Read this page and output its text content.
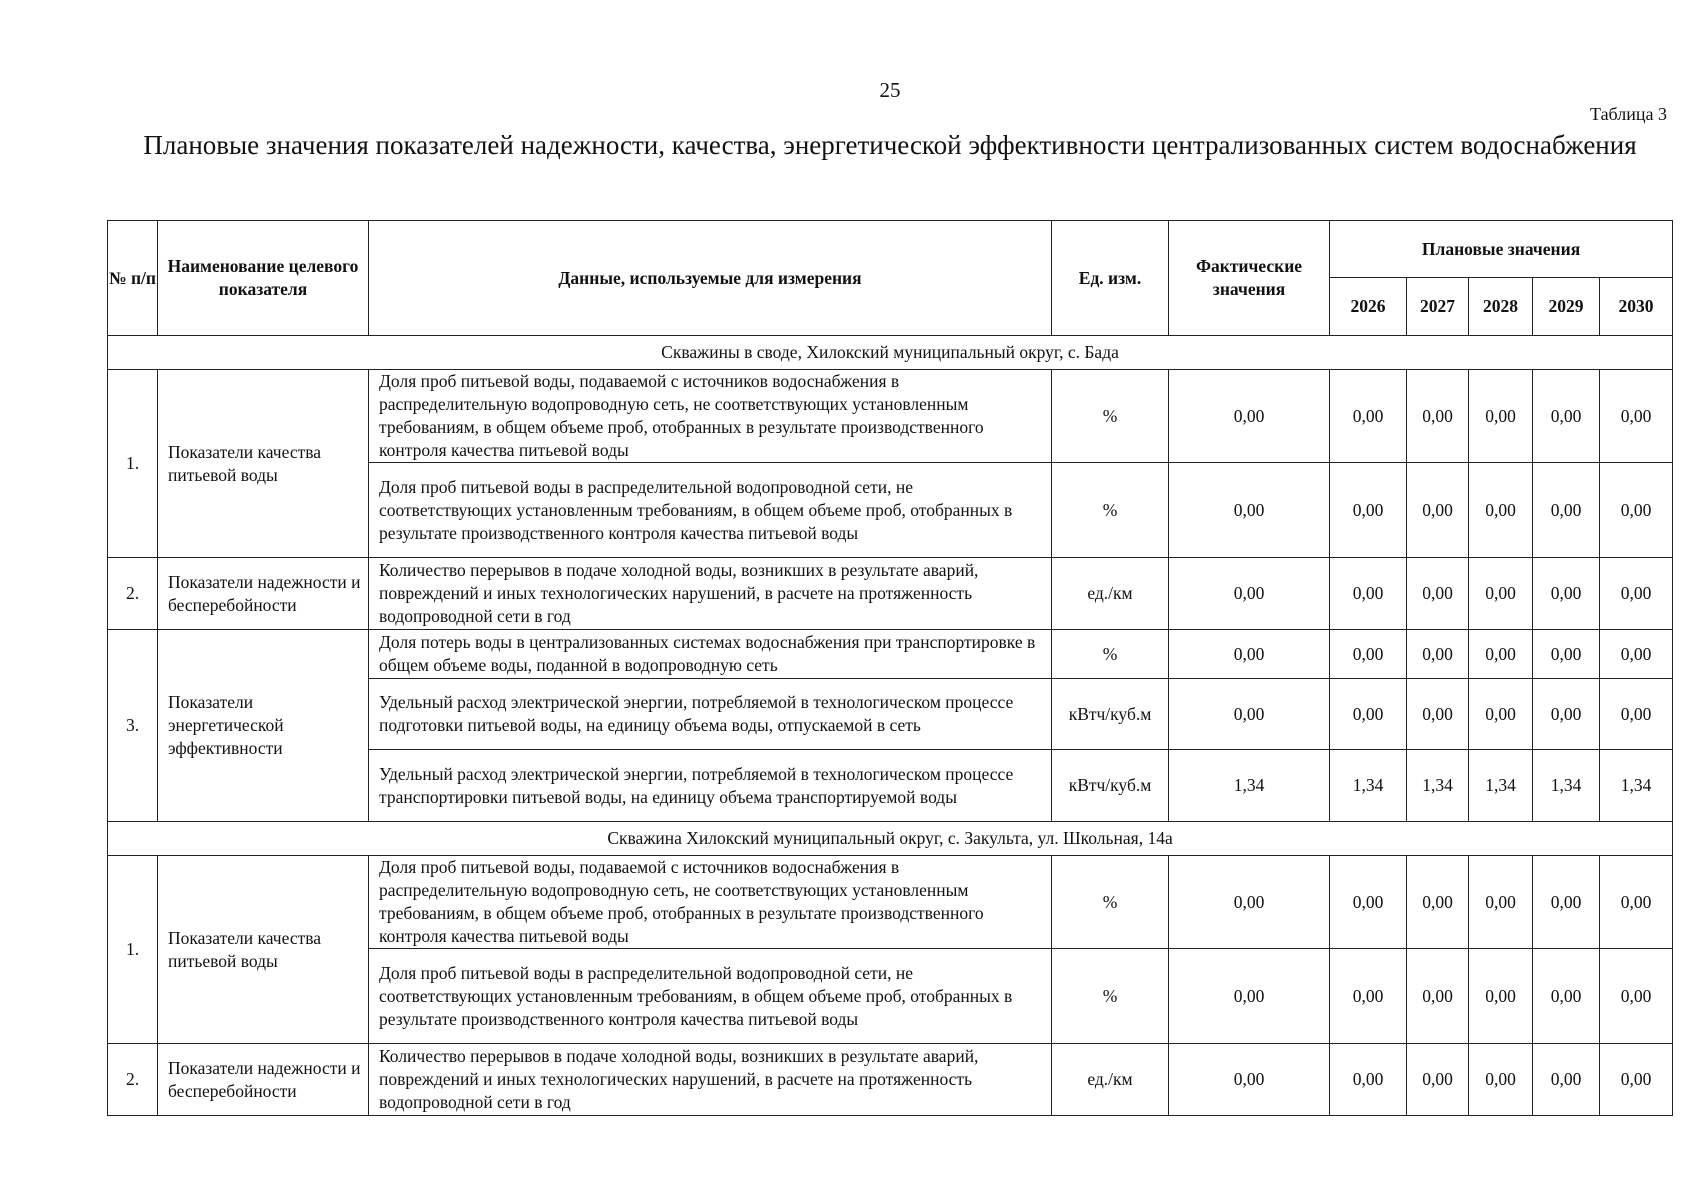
25
Таблица 3
Плановые значения показателей надежности, качества, энергетической эффективности централизованных систем водоснабжения
№ п/п	Наименование целевого показателя	Данные, используемые для измерения	Ед. изм.	Фактические значения	Плановые значения				
					2026	2027	2028	2029	2030
Скважины в своде, Хилокский муниципальный округ, с. Бада									
1.	Показатели качества питьевой воды	Доля проб питьевой воды, подаваемой с источников водоснабжения в распределительную водопроводную сеть, не соответствующих установленным требованиям, в общем объеме проб, отобранных в результате производственного контроля качества питьевой воды	%	0,00	0,00	0,00	0,00	0,00	0,00
		Доля проб питьевой воды в распределительной водопроводной сети, не соответствующих установленным требованиям, в общем объеме проб, отобранных в результате производственного контроля качества питьевой воды	%	0,00	0,00	0,00	0,00	0,00	0,00
2.	Показатели надежности и бесперебойности	Количество перерывов в подаче холодной воды, возникших в результате аварий, повреждений и иных технологических нарушений, в расчете на протяженность водопроводной сети в год	ед./км	0,00	0,00	0,00	0,00	0,00	0,00
3.	Показатели энергетической эффективности	Доля потерь воды в централизованных системах водоснабжения при транспортировке в общем объеме воды, поданной в водопроводную сеть	%	0,00	0,00	0,00	0,00	0,00	0,00
		Удельный расход электрической энергии, потребляемой в технологическом процессе подготовки питьевой воды, на единицу объема воды, отпускаемой в сеть	кВтч/куб.м	0,00	0,00	0,00	0,00	0,00	0,00
		Удельный расход электрической энергии, потребляемой в технологическом процессе транспортировки питьевой воды, на единицу объема транспортируемой воды	кВтч/куб.м	1,34	1,34	1,34	1,34	1,34	1,34
Скважина Хилокский муниципальный округ, с. Закульта, ул. Школьная, 14а									
1.	Показатели качества питьевой воды	Доля проб питьевой воды, подаваемой с источников водоснабжения в распределительную водопроводную сеть, не соответствующих установленным требованиям, в общем объеме проб, отобранных в результате производственного контроля качества питьевой воды	%	0,00	0,00	0,00	0,00	0,00	0,00
		Доля проб питьевой воды в распределительной водопроводной сети, не соответствующих установленным требованиям, в общем объеме проб, отобранных в результате производственного контроля качества питьевой воды	%	0,00	0,00	0,00	0,00	0,00	0,00
2.	Показатели надежности и бесперебойности	Количество перерывов в подаче холодной воды, возникших в результате аварий, повреждений и иных технологических нарушений, в расчете на протяженность водопроводной сети в год	ед./км	0,00	0,00	0,00	0,00	0,00	0,00
